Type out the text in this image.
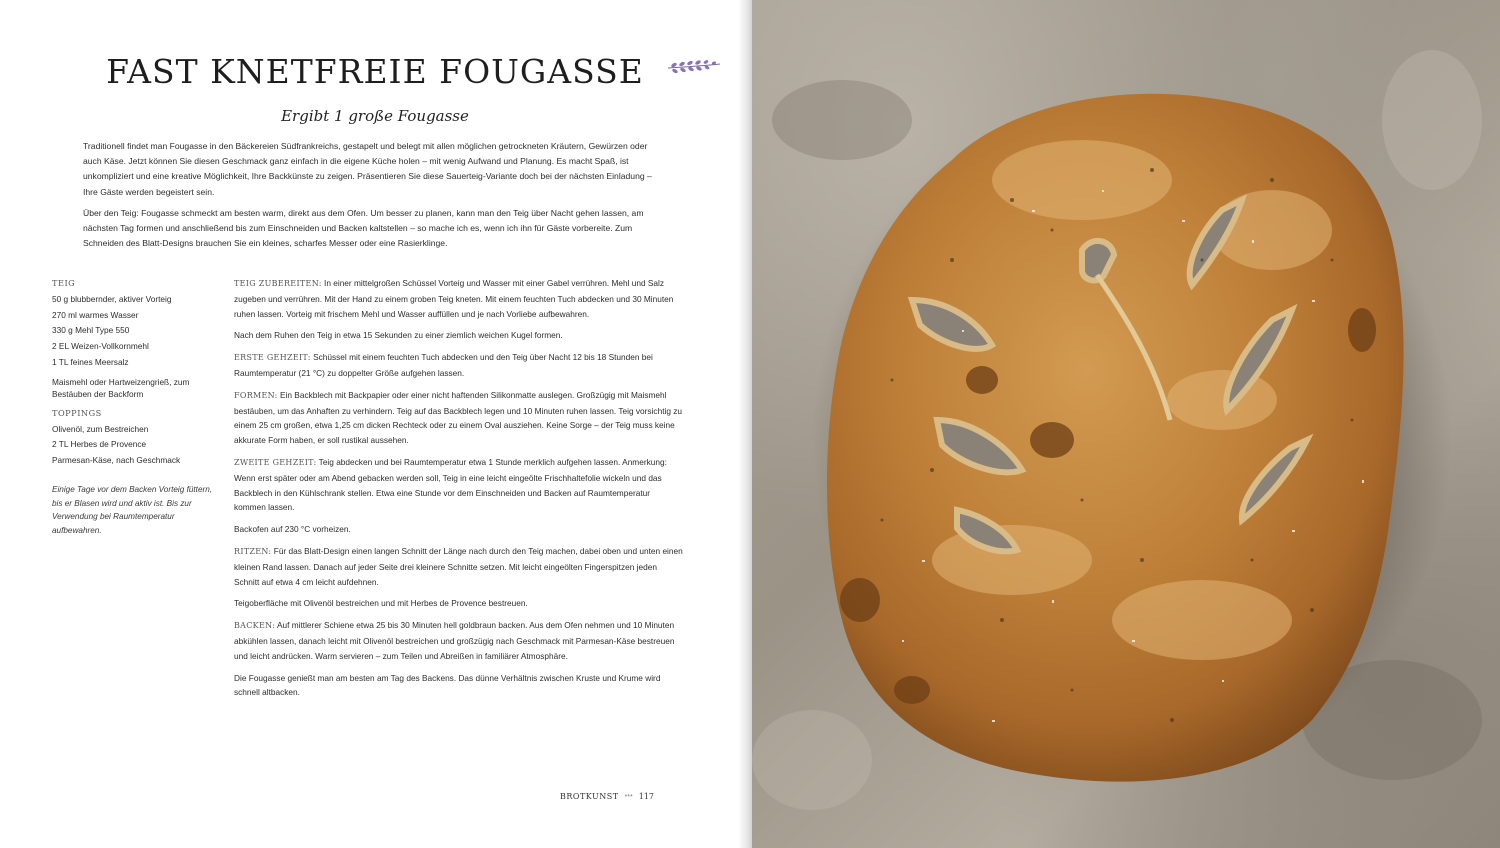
FAST KNETFREIE FOUGASSE

Ergibt 1 große Fougasse

Traditionell findet man Fougasse in den Bäckereien Südfrankreichs, gestapelt und belegt mit allen möglichen getrockneten Kräutern, Gewürzen oder auch Käse. Jetzt können Sie diesen Geschmack ganz einfach in die eigene Küche holen – mit wenig Aufwand und Planung. Es macht Spaß, ist unkompliziert und eine kreative Möglichkeit, Ihre Backkünste zu zeigen. Präsentieren Sie diese Sauerteig-Variante doch bei der nächsten Einladung – Ihre Gäste werden begeistert sein.

Über den Teig: Fougasse schmeckt am besten warm, direkt aus dem Ofen. Um besser zu planen, kann man den Teig über Nacht gehen lassen, am nächsten Tag formen und anschließend bis zum Einschneiden und Backen kaltstellen – so mache ich es, wenn ich ihn für Gäste vorbereite. Zum Schneiden des Blatt-Designs brauchen Sie ein kleines, scharfes Messer oder eine Rasierklinge.

TEIG
50 g blubbernder, aktiver Vorteig
270 ml warmes Wasser
330 g Mehl Type 550
2 EL Weizen-Vollkornmehl
1 TL feines Meersalz
Maismehl oder Hartweizengrieß, zum Bestäuben der Backform
TOPPINGS
Olivenöl, zum Bestreichen
2 TL Herbes de Provence
Parmesan-Käse, nach Geschmack
Einige Tage vor dem Backen Vorteig füttern, bis er Blasen wird und aktiv ist. Bis zur Verwendung bei Raumtemperatur aufbewahren.

TEIG ZUBEREITEN: In einer mittelgroßen Schüssel Vorteig und Wasser mit einer Gabel verrühren. Mehl und Salz zugeben und verrühren. Mit der Hand zu einem groben Teig kneten. Mit einem feuchten Tuch abdecken und 30 Minuten ruhen lassen. Vorteig mit frischem Mehl und Wasser auffüllen und je nach Vorliebe aufbewahren.

Nach dem Ruhen den Teig in etwa 15 Sekunden zu einer ziemlich weichen Kugel formen.

ERSTE GEHZEIT: Schüssel mit einem feuchten Tuch abdecken und den Teig über Nacht 12 bis 18 Stunden bei Raumtemperatur (21 °C) zu doppelter Größe aufgehen lassen.

FORMEN: Ein Backblech mit Backpapier oder einer nicht haftenden Silikonmatte auslegen. Großzügig mit Maismehl bestäuben, um das Anhaften zu verhindern. Teig auf das Backblech legen und 10 Minuten ruhen lassen. Teig vorsichtig zu einem 25 cm großen, etwa 1,25 cm dicken Rechteck oder zu einem Oval ausziehen. Keine Sorge – der Teig muss keine akkurate Form haben, er soll rustikal aussehen.

ZWEITE GEHZEIT: Teig abdecken und bei Raumtemperatur etwa 1 Stunde merklich aufgehen lassen. Anmerkung: Wenn erst später oder am Abend gebacken werden soll, Teig in eine leicht eingeölte Frischhaltefolie wickeln und das Backblech in den Kühlschrank stellen. Etwa eine Stunde vor dem Einschneiden und Backen auf Raumtemperatur kommen lassen.

Backofen auf 230 °C vorheizen.

RITZEN: Für das Blatt-Design einen langen Schnitt der Länge nach durch den Teig machen, dabei oben und unten einen kleinen Rand lassen. Danach auf jeder Seite drei kleinere Schnitte setzen. Mit leicht eingeölten Fingerspitzen jeden Schnitt auf etwa 4 cm leicht aufdehnen.

Teigoberfläche mit Olivenöl bestreichen und mit Herbes de Provence bestreuen.

BACKEN: Auf mittlerer Schiene etwa 25 bis 30 Minuten hell goldbraun backen. Aus dem Ofen nehmen und 10 Minuten abkühlen lassen, danach leicht mit Olivenöl bestreichen und großzügig nach Geschmack mit Parmesan-Käse bestreuen und leicht andrücken. Warm servieren – zum Teilen und Abreißen in familiärer Atmosphäre.

Die Fougasse genießt man am besten am Tag des Backens. Das dünne Verhältnis zwischen Kruste und Krume wird schnell altbacken.

BROTKUNST *** 117
